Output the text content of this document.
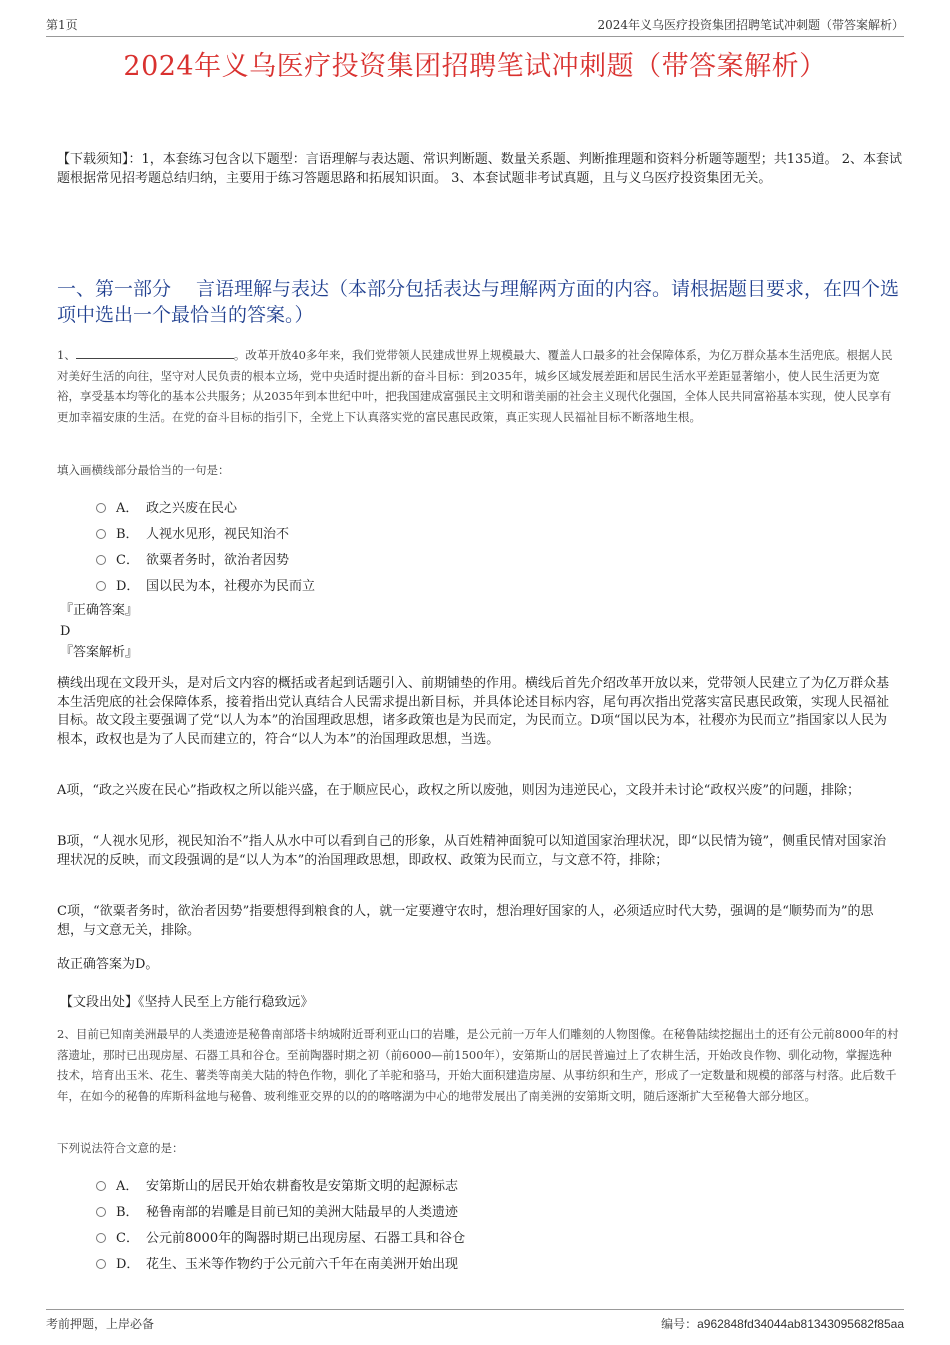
第1页	2024年义乌医疗投资集团招聘笔试冲刺题（带答案解析）
2024年义乌医疗投资集团招聘笔试冲刺题（带答案解析）
【下载须知】：1，本套练习包含以下题型：言语理解与表达题、常识判断题、数量关系题、判断推理题和资料分析题等题型；共135道。 2、本套试题根据常见招考题总结归纳，主要用于练习答题思路和拓展知识面。 3、本套试题非考试真题，且与义乌医疗投资集团无关。
一、第一部分　 言语理解与表达（本部分包括表达与理解两方面的内容。请根据题目要求，在四个选项中选出一个最恰当的答案。）
1、	。改革开放40多年来，我们党带领人民建成世界上规模最大、覆盖人口最多的社会保障体系，为亿万群众基本生活兜底。根据人民对美好生活的向往，坚守对人民负责的根本立场，党中央适时提出新的奋斗目标：到2035年，城乡区域发展差距和居民生活水平差距显著缩小，使人民生活更为宽裕，享受基本均等化的基本公共服务；从2035年到本世纪中叶，把我国建成富强民主文明和谐美丽的社会主义现代化强国，全体人民共同富裕基本实现，使人民享有更加幸福安康的生活。在党的奋斗目标的指引下，全党上下认真落实党的富民惠民政策，真正实现人民福祉目标不断落地生根。
填入画横线部分最恰当的一句是：
A． 政之兴废在民心
B． 人视水见形，视民知治不
C． 欲粟者务时，欲治者因势
D． 国以民为本，社稷亦为民而立
『正确答案』
D
『答案解析』

横线出现在文段开头，是对后文内容的概括或者起到话题引入、前期铺垫的作用。横线后首先介绍改革开放以来，党带领人民建立了为亿万群众基本生活兜底的社会保障体系，接着指出党认真结合人民需求提出新目标，并具体论述目标内容，尾句再次指出党落实富民惠民政策，实现人民福祉目标。故文段主要强调了党“以人为本”的治国理政思想，诸多政策也是为民而定，为民而立。D项“国以民为本，社稷亦为民而立”指国家以人民为根本，政权也是为了人民而建立的，符合“以人为本”的治国理政思想，当选。

A项，“政之兴废在民心”指政权之所以能兴盛，在于顺应民心，政权之所以废弛，则因为违逆民心，文段并未讨论“政权兴废”的问题，排除；

B项，“人视水见形，视民知治不”指人从水中可以看到自己的形象，从百姓精神面貌可以知道国家治理状况，即“以民情为镜”，侧重民情对国家治理状况的反映，而文段强调的是“以人为本”的治国理政思想，即政权、政策为民而立，与文意不符，排除；

C项，“欲粟者务时，欲治者因势”指要想得到粮食的人，就一定要遵守农时，想治理好国家的人，必须适应时代大势，强调的是“顺势而为”的思想，与文意无关，排除。

故正确答案为D。

【文段出处】《坚持人民至上方能行稳致远》
2、目前已知南美洲最早的人类遗迹是秘鲁南部塔卡纳城附近哥利亚山口的岩雕，是公元前一万年人们雕刻的人物图像。在秘鲁陆续挖掘出土的还有公元前8000年的村落遗址，那时已出现房屋、石器工具和谷仓。至前陶器时期之初（前6000—前1500年），安第斯山的居民普遍过上了农耕生活，开始改良作物、驯化动物，掌握选种技术，培育出玉米、花生、薯类等南美大陆的特色作物，驯化了羊驼和骆马，开始大面积建造房屋、从事纺织和生产，形成了一定数量和规模的部落与村落。此后数千年，在如今的秘鲁的库斯科盆地与秘鲁、玻利维亚交界的以的的喀喀湖为中心的地带发展出了南美洲的安第斯文明，随后逐渐扩大至秘鲁大部分地区。
下列说法符合文意的是：
A． 安第斯山的居民开始农耕畜牧是安第斯文明的起源标志
B． 秘鲁南部的岩雕是目前已知的美洲大陆最早的人类遗迹
C． 公元前8000年的陶器时期已出现房屋、石器工具和谷仓
D． 花生、玉米等作物约于公元前六千年在南美洲开始出现
考前押题，上岸必备	编号：a962848fd34044ab81343095682f85aa
